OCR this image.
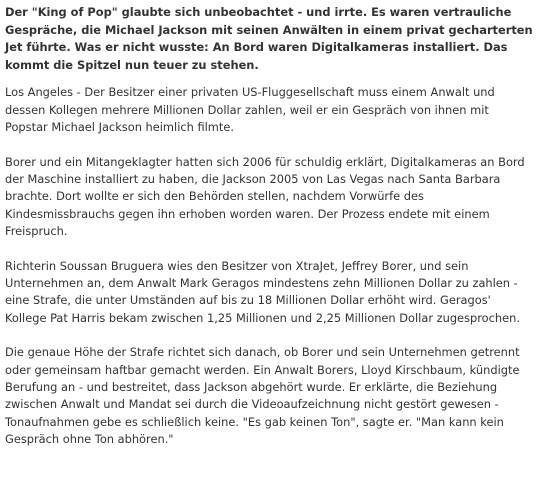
Der "King of Pop" glaubte sich unbeobachtet - und irrte. Es waren vertrauliche Gespräche, die Michael Jackson mit seinen Anwälten in einem privat gecharterten Jet führte. Was er nicht wusste: An Bord waren Digitalkameras installiert. Das kommt die Spitzel nun teuer zu stehen.

Los Angeles - Der Besitzer einer privaten US-Fluggesellschaft muss einem Anwalt und dessen Kollegen mehrere Millionen Dollar zahlen, weil er ein Gespräch von ihnen mit Popstar Michael Jackson heimlich filmte.

Borer und ein Mitangeklagter hatten sich 2006 für schuldig erklärt, Digitalkameras an Bord der Maschine installiert zu haben, die Jackson 2005 von Las Vegas nach Santa Barbara brachte. Dort wollte er sich den Behörden stellen, nachdem Vorwürfe des Kindesmissbrauchs gegen ihn erhoben worden waren. Der Prozess endete mit einem Freispruch.

Richterin Soussan Bruguera wies den Besitzer von XtraJet, Jeffrey Borer, und sein Unternehmen an, dem Anwalt Mark Geragos mindestens zehn Millionen Dollar zu zahlen - eine Strafe, die unter Umständen auf bis zu 18 Millionen Dollar erhöht wird. Geragos' Kollege Pat Harris bekam zwischen 1,25 Millionen und 2,25 Millionen Dollar zugesprochen.

Die genaue Höhe der Strafe richtet sich danach, ob Borer und sein Unternehmen getrennt oder gemeinsam haftbar gemacht werden. Ein Anwalt Borers, Lloyd Kirschbaum, kündigte Berufung an - und bestreitet, dass Jackson abgehört wurde. Er erklärte, die Beziehung zwischen Anwalt und Mandat sei durch die Videoaufzeichnung nicht gestört gewesen - Tonaufnahmen gebe es schließlich keine. "Es gab keinen Ton", sagte er. "Man kann kein Gespräch ohne Ton abhören."
